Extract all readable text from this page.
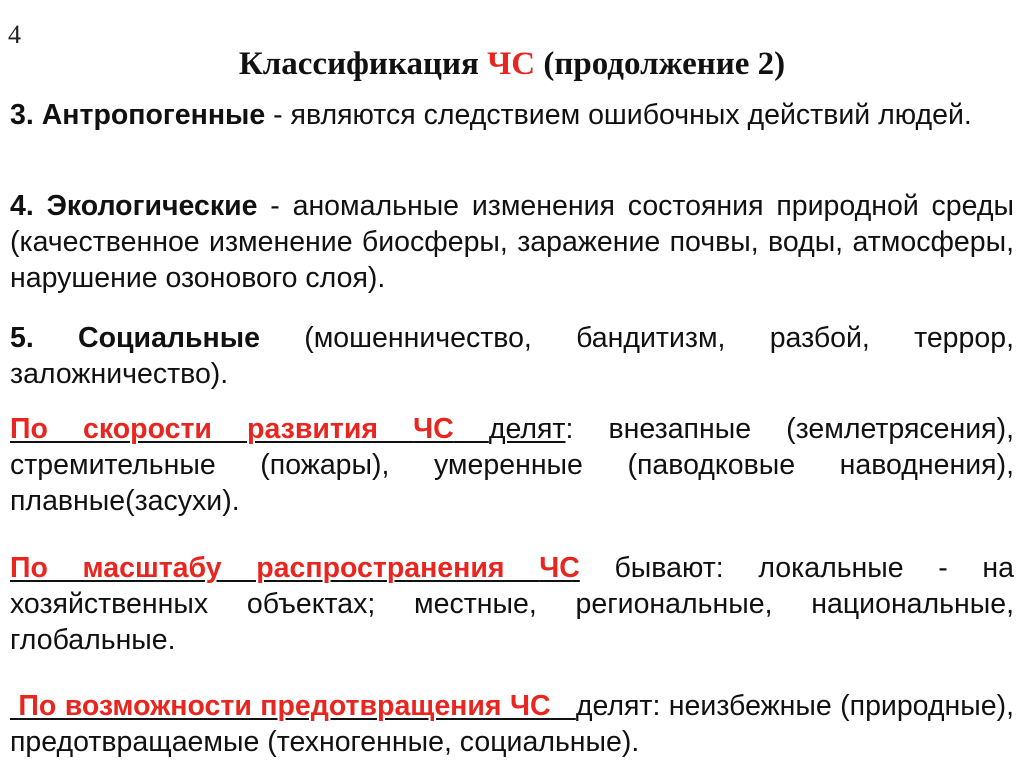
4
Классификация ЧС (продолжение 2)
3. Антропогенные - являются следствием ошибочных действий людей.
4. Экологические - аномальные изменения состояния природной среды (качественное изменение биосферы, заражение почвы, воды, атмосферы, нарушение озонового слоя).
5. Социальные (мошенничество, бандитизм, разбой, террор, заложничество).
По скорости развития ЧС делят: внезапные (землетрясения), стремительные (пожары), умеренные (паводковые наводнения), плавные(засухи).
По масштабу распространения ЧС бывают: локальные - на хозяйственных объектах; местные, региональные, национальные, глобальные.
По возможности предотвращения ЧС делят: неизбежные (природные), предотвращаемые (техногенные, социальные).
